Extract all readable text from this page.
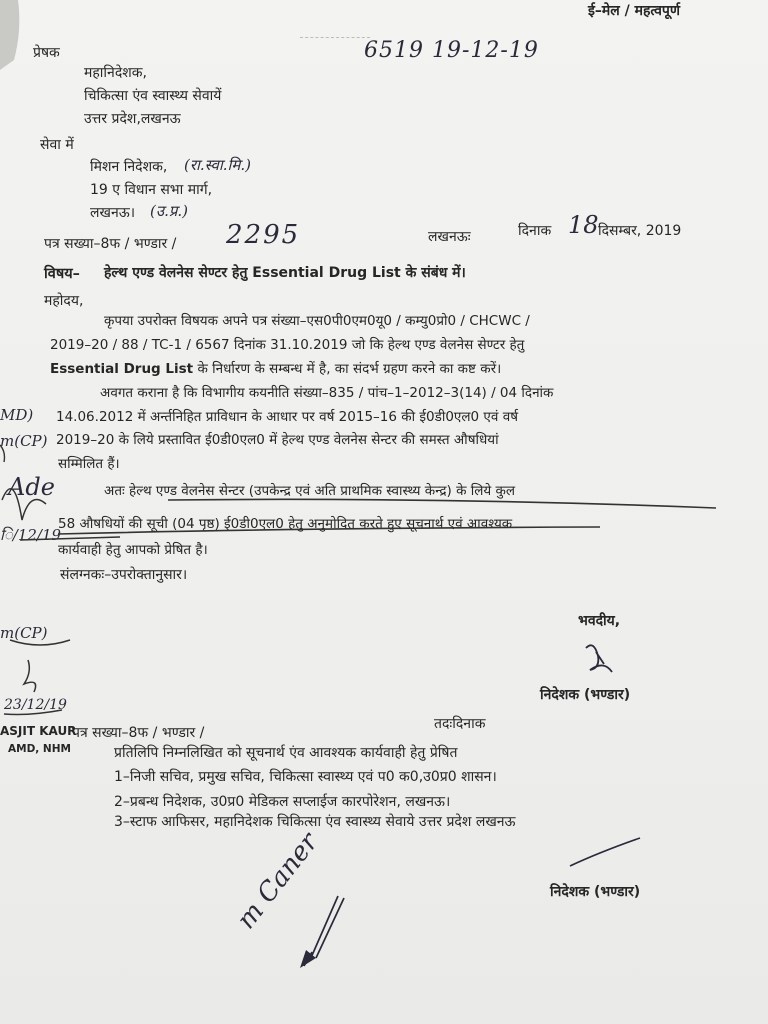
ई–मेल / महत्वपूर्ण
6519 19-12-19
प्रेषक
महानिदेशक,
चिकित्सा एंव स्वास्थ्य सेवायें
उत्तर प्रदेश,लखनऊ
सेवा में
मिशन निदेशक, (रा.स्वा.मि.)
19 ए विधान सभा मार्ग,
लखनऊ। (उ.प्र.)
पत्र सख्या–8फ / भण्डार / 2295	लखनऊः	दिनाक 18 दिसम्बर, 2019
विषय– हेल्थ एण्ड वेलनेस सेण्टर हेतु Essential Drug List के संबंध में।
महोदय,
कृपया उपरोक्त विषयक अपने पत्र संख्या–एस0पी0एम0यू0 / कम्यु0प्रो0 / CHCWC /
2019–20 / 88 / TC-1 / 6567 दिनांक 31.10.2019 जो कि हेल्थ एण्ड वेलनेस सेण्टर हेतु
Essential Drug List के निर्धारण के सम्बन्ध में है, का संदर्भ ग्रहण करने का कष्ट करें।
अवगत कराना है कि विभागीय कयनीति संख्या–835 / पांच–1–2012–3(14) / 04 दिनांक
14.06.2012 में अर्न्तनिहित प्राविधान के आधार पर वर्ष 2015–16 की ई0डी0एल0 एवं वर्ष
2019–20 के लिये प्रस्तावित ई0डी0एल0 में हेल्थ एण्ड वेलनेस सेन्टर की समस्त औषधियां
सम्मिलित हैं।
अतः हेल्थ एण्ड वेलनेस सेन्टर (उपकेन्द्र एवं अति प्राथमिक स्वास्थ्य केन्द्र) के लिये कुल
58 औषधियों की सूची (04 पृष्ठ) ई0डी0एल0 हेतु अनुमोदित करते हुए सूचनार्थ एवं आवश्यक
कार्यवाही हेतु आपको प्रेषित है।
संलग्नकः–उपरोक्तानुसार।
भवदीय,
निदेशक (भण्डार)
पत्र सख्या–8फ / भण्डार /
तदःदिनाक
प्रतिलिपि निम्नलिखित को सूचनार्थ एंव आवश्यक कार्यवाही हेतु प्रेषित
1–निजी सचिव, प्रमुख सचिव, चिकित्सा स्वास्थ्य एवं प0 क0,उ0प्र0 शासन।
2–प्रबन्ध निदेशक, उ0प्र0 मेडिकल सप्लाईज कारपोरेशन, लखनऊ।
3–स्टाफ आफिसर, महानिदेशक चिकित्सा एंव स्वास्थ्य सेवाये उत्तर प्रदेश लखनऊ
निदेशक (भण्डार)
MD)
m(CP)
Ade
ि/12/19
m(CP)
23/12/19
ASJIT KAUR
AMD, NHM
m Caner
